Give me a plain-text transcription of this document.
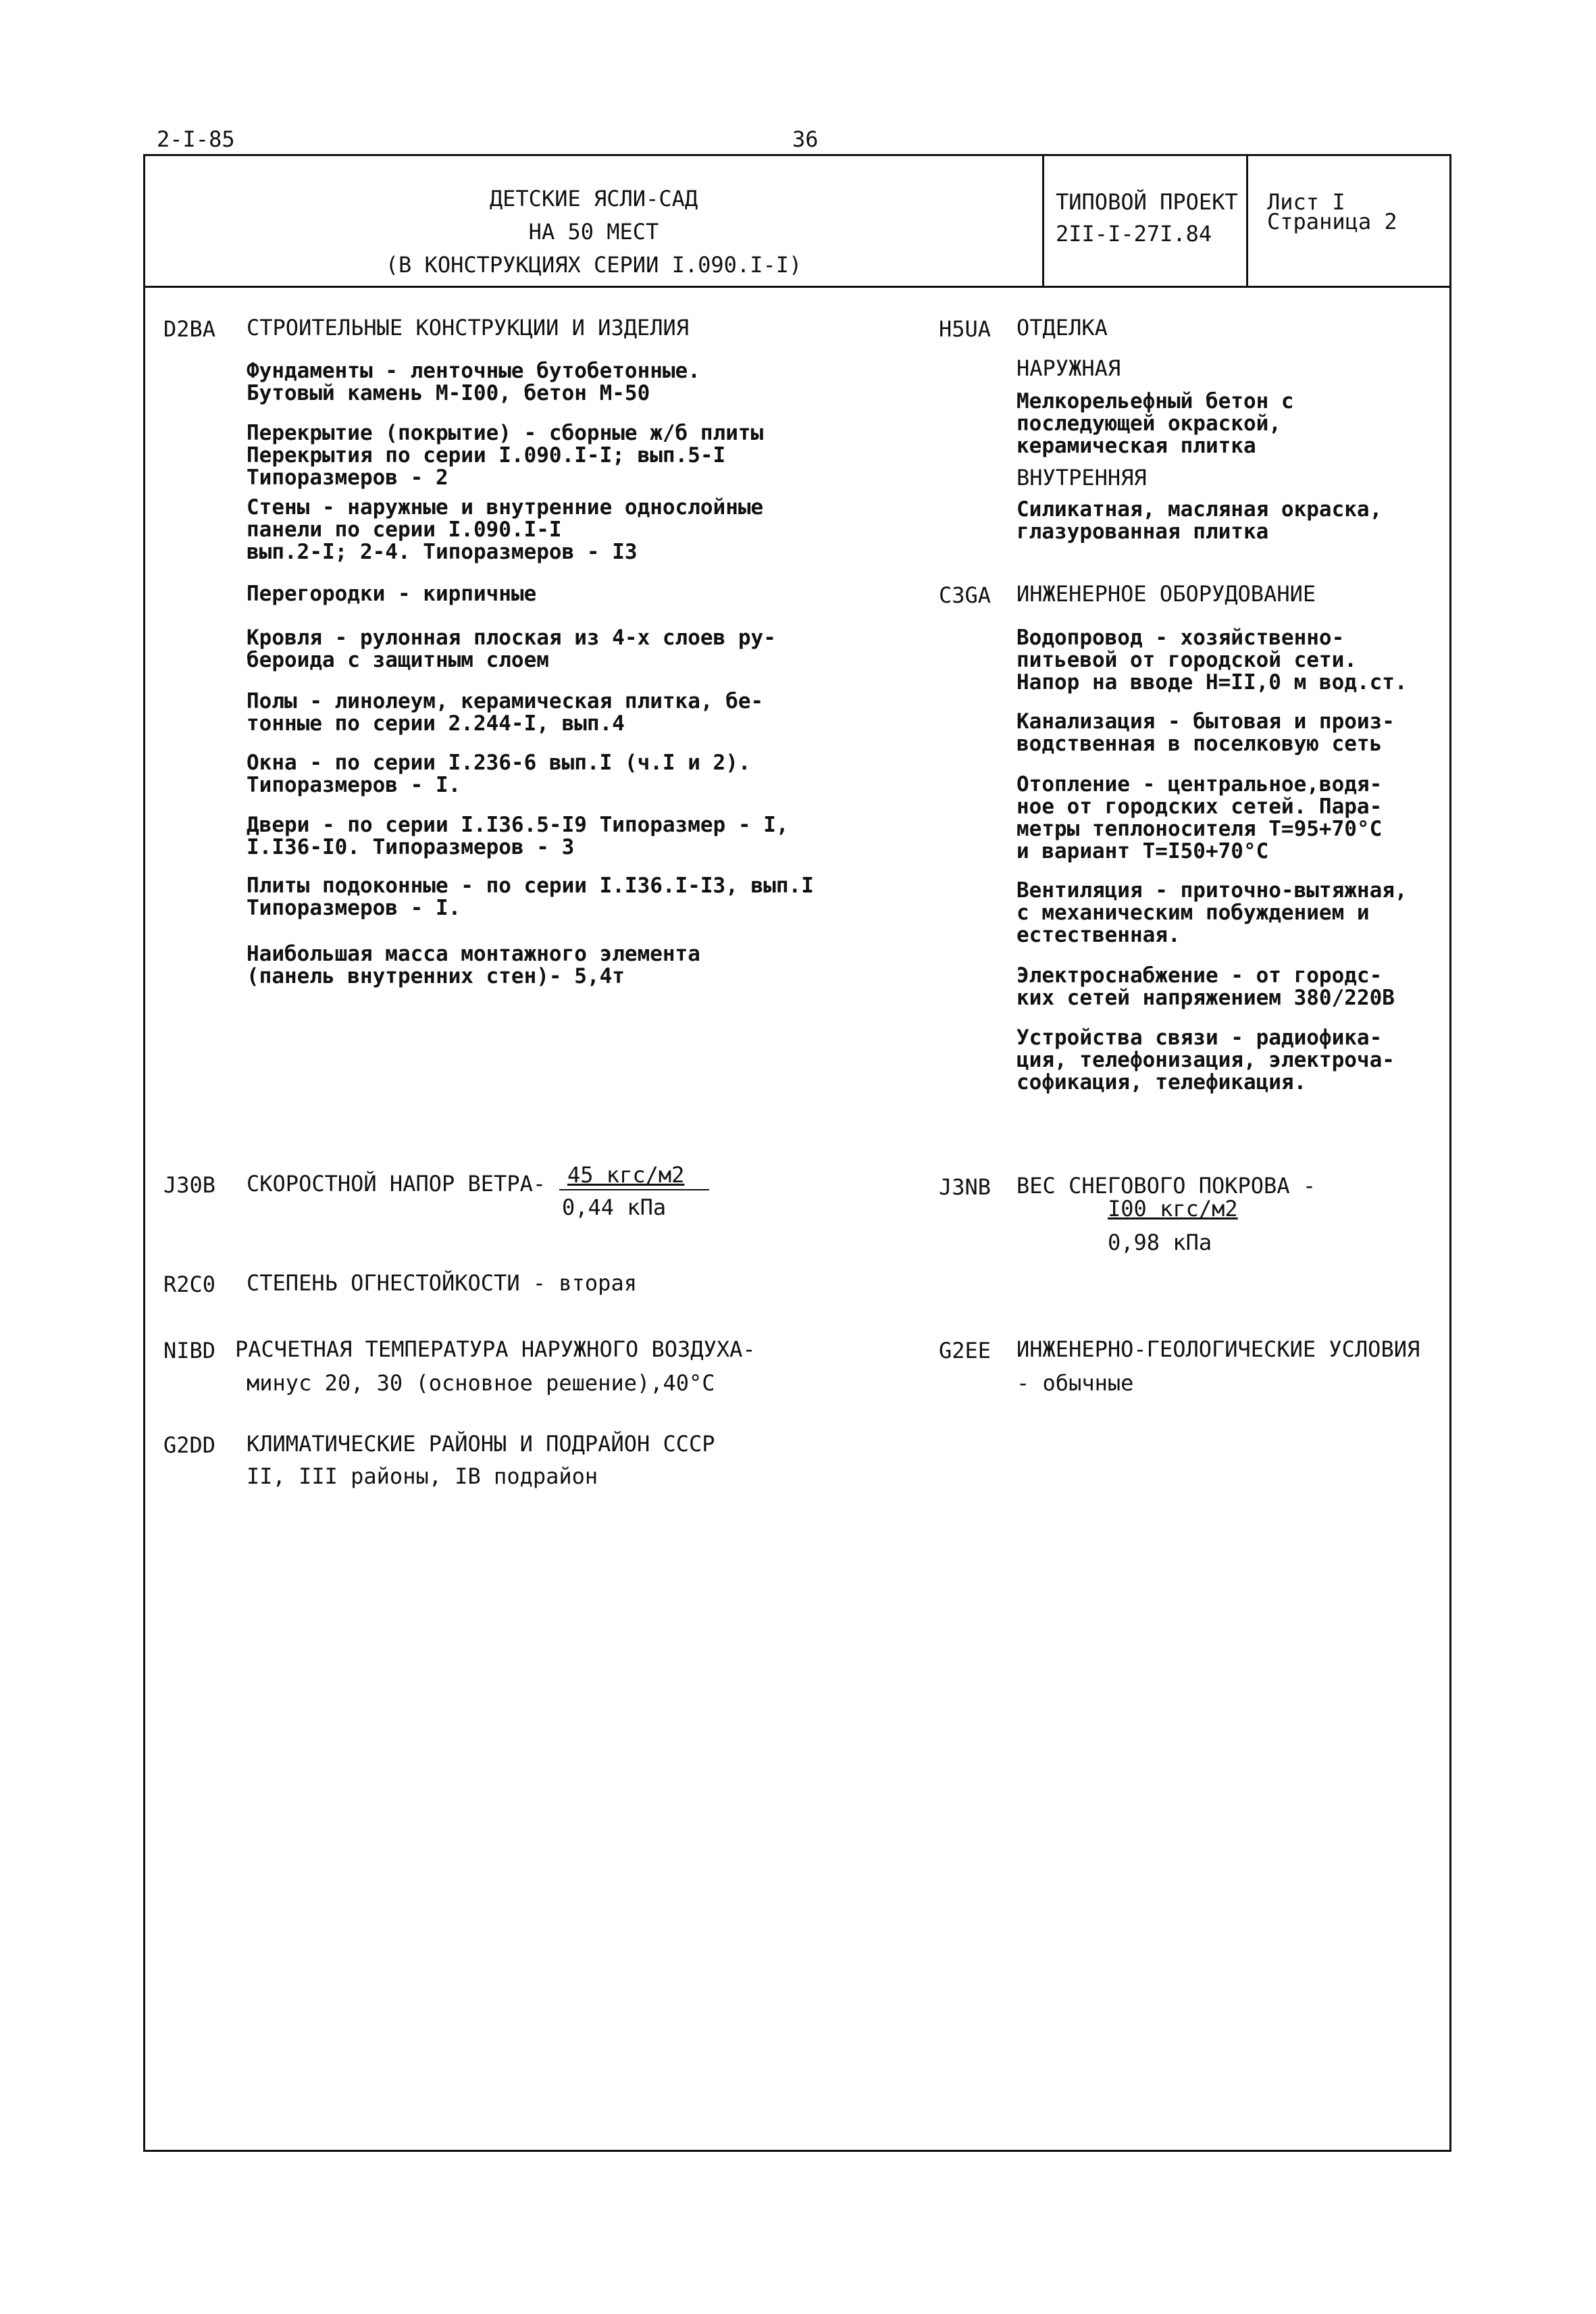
2-I-85	36
ДЕТСКИЕ ЯСЛИ-САД
НА 50 МЕСТ
(В КОНСТРУКЦИЯХ СЕРИИ I.090.I-I)
ТИПОВОЙ ПРОЕКТ
2II-I-27I.84
Лист I
Страница 2
D2BA СТРОИТЕЛЬНЫЕ КОНСТРУКЦИИ И ИЗДЕЛИЯ
Фундаменты - ленточные бутобетонные.
Бутовый камень М-I00, бетон М-50
Перекрытие (покрытие) - сборные ж/б плиты
Перекрытия по серии I.090.I-I; вып.5-I
Типоразмеров - 2
Стены - наружные и внутренние однослойные
панели по серии I.090.I-I
вып.2-I; 2-4. Типоразмеров - I3
Перегородки - кирпичные
Кровля - рулонная плоская из 4-х слоев ру-
бероида с защитным слоем
Полы - линолеум, керамическая плитка, бе-
тонные по серии 2.244-I, вып.4
Окна - по серии I.236-6 вып.I (ч.I и 2).
Типоразмеров - I.
Двери - по серии I.I36.5-I9 Типоразмер - I,
I.I36-I0. Типоразмеров - 3
Плиты подоконные - по серии I.I36.I-I3, вып.I
Типоразмеров - I.
Наибольшая масса монтажного элемента
(панель внутренних стен)- 5,4т
H5UA ОТДЕЛКА
НАРУЖНАЯ
Мелкорельефный бетон с
последующей окраской,
керамическая плитка
ВНУТРЕННЯЯ
Силикатная, масляная окраска,
глазурованная плитка
C3GA ИНЖЕНЕРНОЕ ОБОРУДОВАНИЕ
Водопровод - хозяйственно-
питьевой от городской сети.
Напор на вводе Н=II,0 м вод.ст.
Канализация - бытовая и произ-
водственная в поселковую сеть
Отопление - центральное,водя-
ное от городских сетей. Пара-
метры теплоносителя Т=95+70°С
и вариант Т=I50+70°С
Вентиляция - приточно-вытяжная,
с механическим побуждением и
естественная.
Электроснабжение - от городс-
ких сетей напряжением 380/220В
Устройства связи - радиофика-
ция, телефонизация, электроча-
софикация, телефикация.
J30B СКОРОСТНОЙ НАПОР ВЕТРА- 45 кгс/м2
0,44 кПа
J3NB ВЕС СНЕГОВОГО ПОКРОВА -
I00 кгс/м2
0,98 кПа
R2C0 СТЕПЕНЬ ОГНЕСТОЙКОСТИ - вторая
NIBD РАСЧЕТНАЯ ТЕМПЕРАТУРА НАРУЖНОГО ВОЗДУХА-
минус 20, 30 (основное решение),40°С
G2EE ИНЖЕНЕРНО-ГЕОЛОГИЧЕСКИЕ УСЛОВИЯ
- обычные
G2DD КЛИМАТИЧЕСКИЕ РАЙОНЫ И ПОДРАЙОН СССР
II, III районы, IВ подрайон
